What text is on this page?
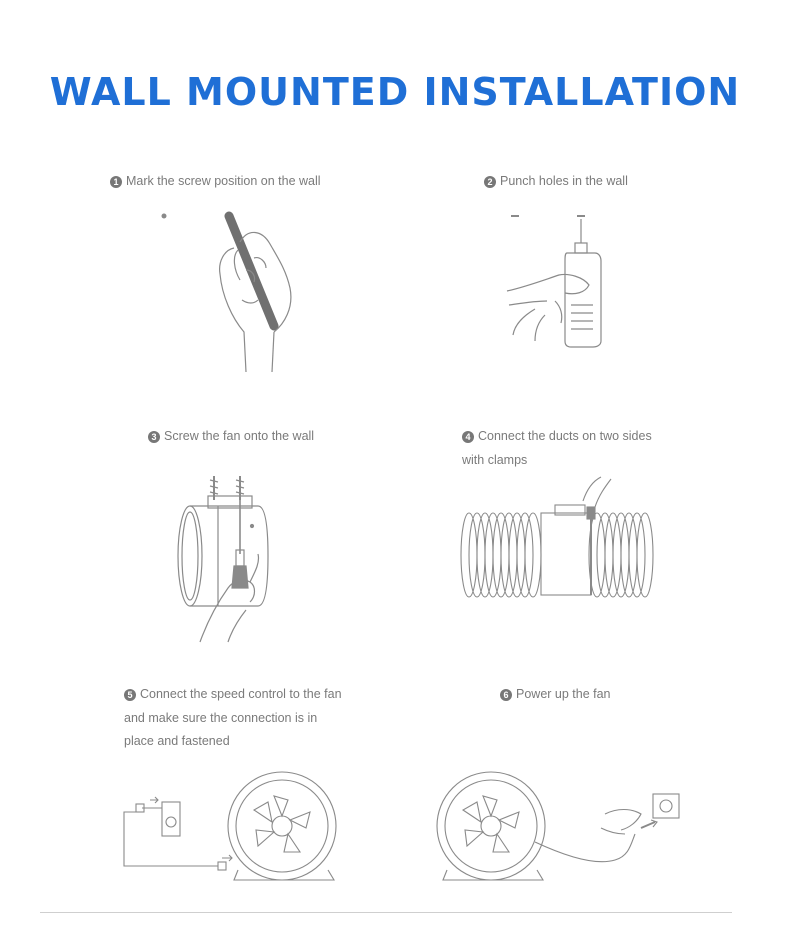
WALL MOUNTED INSTALLATION
1 Mark the screw position on the wall	2 Punch holes in the wall
3 Screw the fan onto the wall	4 Connect the ducts on two sides
with clamps
5 Connect the speed control to the fan
and make sure the connection is in
place and fastened
6 Power up the fan
